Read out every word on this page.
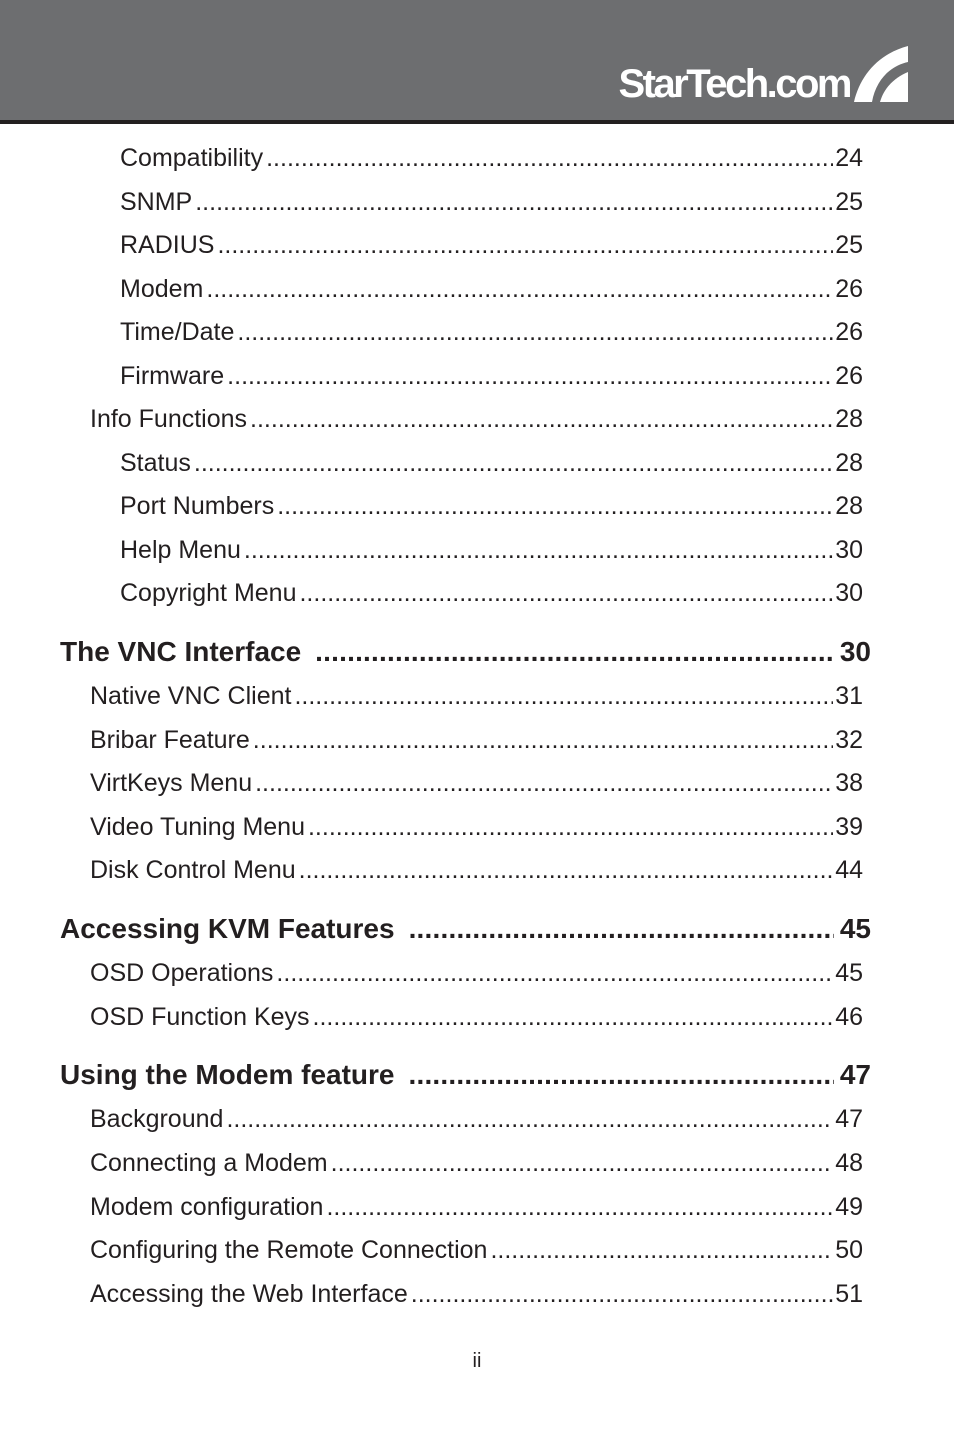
StarTech.com
Compatibility .....	24
SNMP .....	25
RADIUS .....	25
Modem .....	26
Time/Date .....	26
Firmware .....	26
Info Functions .....	28
Status .....	28
Port Numbers .....	28
Help Menu .....	30
Copyright Menu .....	30
The VNC Interface .....	30
Native VNC Client .....	31
Bribar Feature .....	32
VirtKeys Menu .....	38
Video Tuning Menu .....	39
Disk Control Menu .....	44
Accessing KVM Features .....	45
OSD Operations .....	45
OSD Function Keys .....	46
Using the Modem feature .....	47
Background .....	47
Connecting a Modem .....	48
Modem configuration .....	49
Configuring the Remote Connection .....	50
Accessing the Web Interface .....	51
ii
